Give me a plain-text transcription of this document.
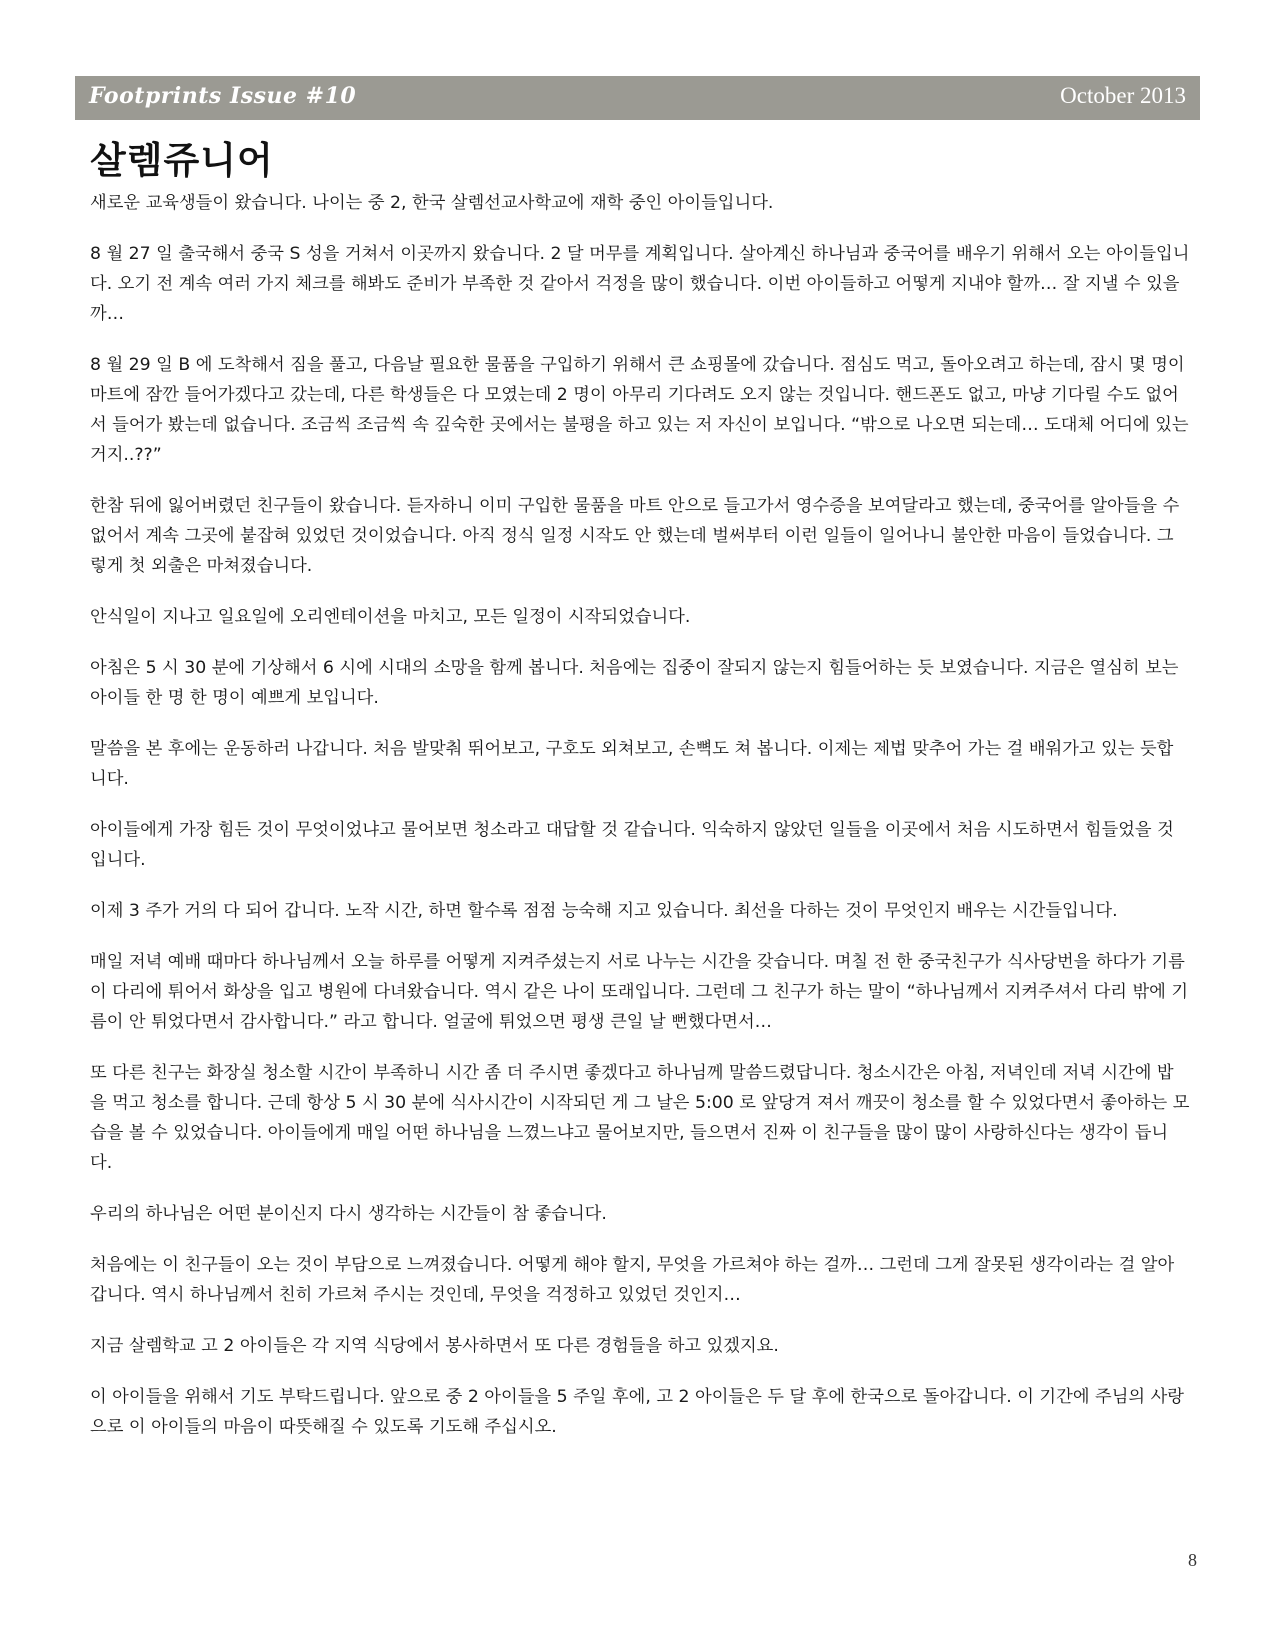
Footprints Issue #10	October 2013
살렘쥬니어

새로운 교육생들이 왔습니다. 나이는 중 2, 한국 살렘선교사학교에 재학 중인 아이들입니다.

8 월 27 일 출국해서 중국 S 성을 거쳐서 이곳까지 왔습니다. 2 달 머무를 계획입니다. 살아계신 하나님과 중국어를 배우기 위해서 오는 아이들입니다. 오기 전 계속 여러 가지 체크를 해봐도 준비가 부족한 것 같아서 걱정을 많이 했습니다. 이번 아이들하고 어떻게 지내야 할까… 잘 지낼 수 있을까…

8 월 29 일 B 에 도착해서 짐을 풀고, 다음날 필요한 물품을 구입하기 위해서 큰 쇼핑몰에 갔습니다. 점심도 먹고, 돌아오려고 하는데, 잠시 몇 명이 마트에 잠깐 들어가겠다고 갔는데, 다른 학생들은 다 모였는데 2 명이 아무리 기다려도 오지 않는 것입니다. 핸드폰도 없고, 마냥 기다릴 수도 없어서 들어가 봤는데 없습니다. 조금씩 조금씩 속 깊숙한 곳에서는 불평을 하고 있는 저 자신이 보입니다. “밖으로 나오면 되는데… 도대체 어디에 있는 거지..??”

한참 뒤에 잃어버렸던 친구들이 왔습니다. 듣자하니 이미 구입한 물품을 마트 안으로 들고가서 영수증을 보여달라고 했는데, 중국어를 알아들을 수 없어서 계속 그곳에 붙잡혀 있었던 것이었습니다. 아직 정식 일정 시작도 안 했는데 벌써부터 이런 일들이 일어나니 불안한 마음이 들었습니다. 그렇게 첫 외출은 마쳐졌습니다.

안식일이 지나고 일요일에 오리엔테이션을 마치고, 모든 일정이 시작되었습니다.

아침은 5 시 30 분에 기상해서 6 시에 시대의 소망을 함께 봅니다. 처음에는 집중이 잘되지 않는지 힘들어하는 듯 보였습니다. 지금은 열심히 보는 아이들 한 명 한 명이 예쁘게 보입니다.

말씀을 본 후에는 운동하러 나갑니다. 처음 발맞춰 뛰어보고, 구호도 외쳐보고, 손뼉도 쳐 봅니다. 이제는 제법 맞추어 가는 걸 배워가고 있는 듯합니다.

아이들에게 가장 힘든 것이 무엇이었냐고 물어보면 청소라고 대답할 것 같습니다. 익숙하지 않았던 일들을 이곳에서 처음 시도하면서 힘들었을 것입니다.

이제 3 주가 거의 다 되어 갑니다. 노작 시간, 하면 할수록 점점 능숙해 지고 있습니다. 최선을 다하는 것이 무엇인지 배우는 시간들입니다.

매일 저녁 예배 때마다 하나님께서 오늘 하루를 어떻게 지켜주셨는지 서로 나누는 시간을 갖습니다. 며칠 전 한 중국친구가 식사당번을 하다가 기름이 다리에 튀어서 화상을 입고 병원에 다녀왔습니다. 역시 같은 나이 또래입니다. 그런데 그 친구가 하는 말이 “하나님께서 지켜주셔서 다리 밖에 기름이 안 튀었다면서 감사합니다.” 라고 합니다. 얼굴에 튀었으면 평생 큰일 날 뻔했다면서…

또 다른 친구는 화장실 청소할 시간이 부족하니 시간 좀 더 주시면 좋겠다고 하나님께 말씀드렸답니다. 청소시간은 아침, 저녁인데 저녁 시간에 밥을 먹고 청소를 합니다. 근데 항상 5 시 30 분에 식사시간이 시작되던 게 그 날은 5:00 로 앞당겨 져서 깨끗이 청소를 할 수 있었다면서 좋아하는 모습을 볼 수 있었습니다. 아이들에게 매일 어떤 하나님을 느꼈느냐고 물어보지만, 들으면서 진짜 이 친구들을 많이 많이 사랑하신다는 생각이 듭니다.

우리의 하나님은 어떤 분이신지 다시 생각하는 시간들이 참 좋습니다.

처음에는 이 친구들이 오는 것이 부담으로 느껴졌습니다. 어떻게 해야 할지, 무엇을 가르쳐야 하는 걸까… 그런데 그게 잘못된 생각이라는 걸 알아갑니다. 역시 하나님께서 친히 가르쳐 주시는 것인데, 무엇을 걱정하고 있었던 것인지…

지금 살렘학교 고 2 아이들은 각 지역 식당에서 봉사하면서 또 다른 경험들을 하고 있겠지요.

이 아이들을 위해서 기도 부탁드립니다. 앞으로 중 2 아이들을 5 주일 후에, 고 2 아이들은 두 달 후에 한국으로 돌아갑니다. 이 기간에 주님의 사랑으로 이 아이들의 마음이 따뜻해질 수 있도록 기도해 주십시오.

8
